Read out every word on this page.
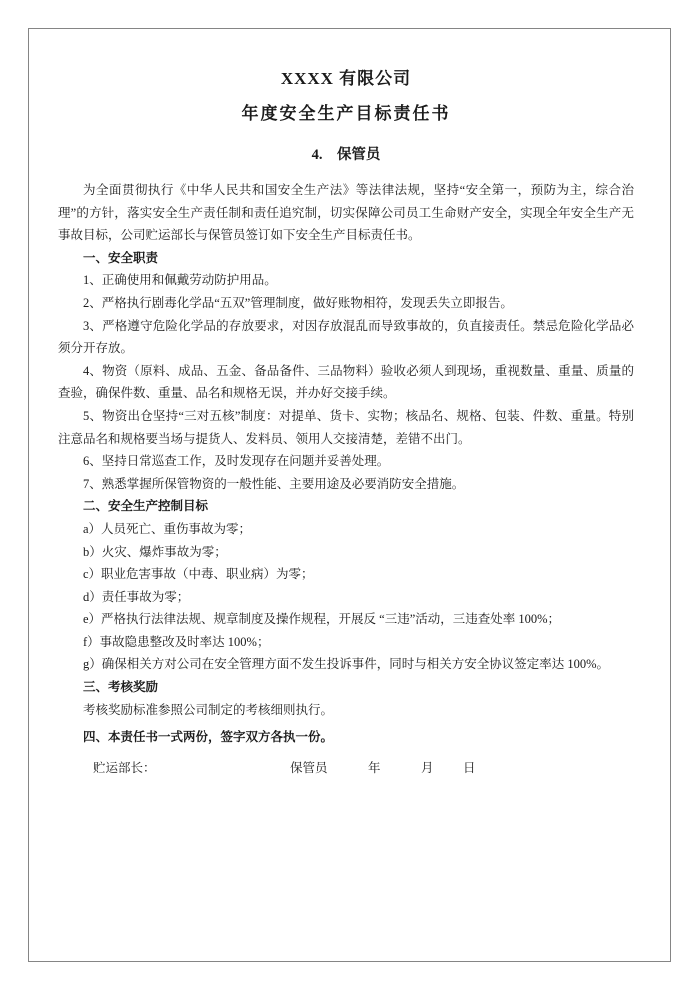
XXXX 有限公司
年度安全生产目标责任书
4. 保管员

为全面贯彻执行《中华人民共和国安全生产法》等法律法规，坚持“安全第一，预防为主，综合治理”的方针，落实安全生产责任制和责任追究制，切实保障公司员工生命财产安全，实现全年安全生产无事故目标，公司贮运部长与保管员签订如下安全生产目标责任书。

一、安全职责

1、正确使用和佩戴劳动防护用品。

2、严格执行剧毒化学品“五双”管理制度，做好账物相符，发现丢失立即报告。

3、严格遵守危险化学品的存放要求，对因存放混乱而导致事故的，负直接责任。禁忌危险化学品必须分开存放。

4、物资（原料、成品、五金、备品备件、三品物料）验收必须人到现场，重视数量、重量、质量的查验，确保件数、重量、品名和规格无误，并办好交接手续。

5、物资出仓坚持“三对五核”制度：对提单、货卡、实物；核品名、规格、包装、件数、重量。特别注意品名和规格要当场与提货人、发料员、领用人交接清楚，差错不出门。

6、坚持日常巡查工作，及时发现存在问题并妥善处理。

7、熟悉掌握所保管物资的一般性能、主要用途及必要消防安全措施。

二、安全生产控制目标

a）人员死亡、重伤事故为零；

b）火灾、爆炸事故为零；

c）职业危害事故（中毒、职业病）为零；

d）责任事故为零；

e）严格执行法律法规、规章制度及操作规程，开展反 “三违”活动，三违查处率 100%；

f）事故隐患整改及时率达 100%；

g）确保相关方对公司在安全管理方面不发生投诉事件，同时与相关方安全协议签定率达 100%。

三、考核奖励

考核奖励标准参照公司制定的考核细则执行。

四、本责任书一式两份，签字双方各执一份。

贮运部长：	保管员	年	月 日
